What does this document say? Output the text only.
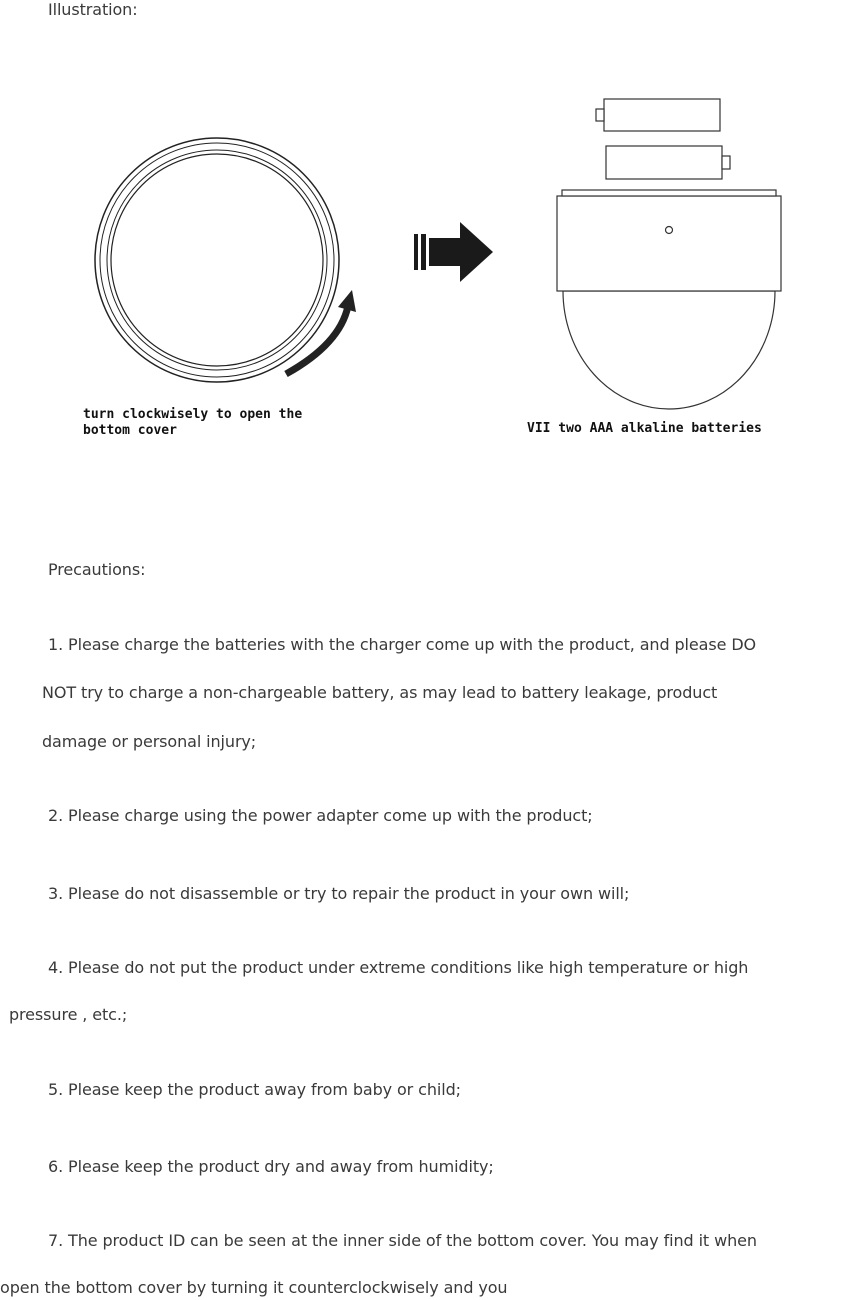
Illustration:
turn clockwisely to open the
bottom cover	VII two AAA alkaline batteries
Precautions:
1. Please charge the batteries with the charger come up with the product, and please DO
NOT try to charge a non-chargeable battery, as may lead to battery leakage, product
damage or personal injury;
2. Please charge using the power adapter come up with the product;
3. Please do not disassemble or try to repair the product in your own will;
4. Please do not put the product under extreme conditions like high temperature or high
pressure , etc.;
5. Please keep the product away from baby or child;
6. Please keep the product dry and away from humidity;
7. The product ID can be seen at the inner side of the bottom cover. You may find it when
open the bottom cover by turning it counterclockwisely and you
